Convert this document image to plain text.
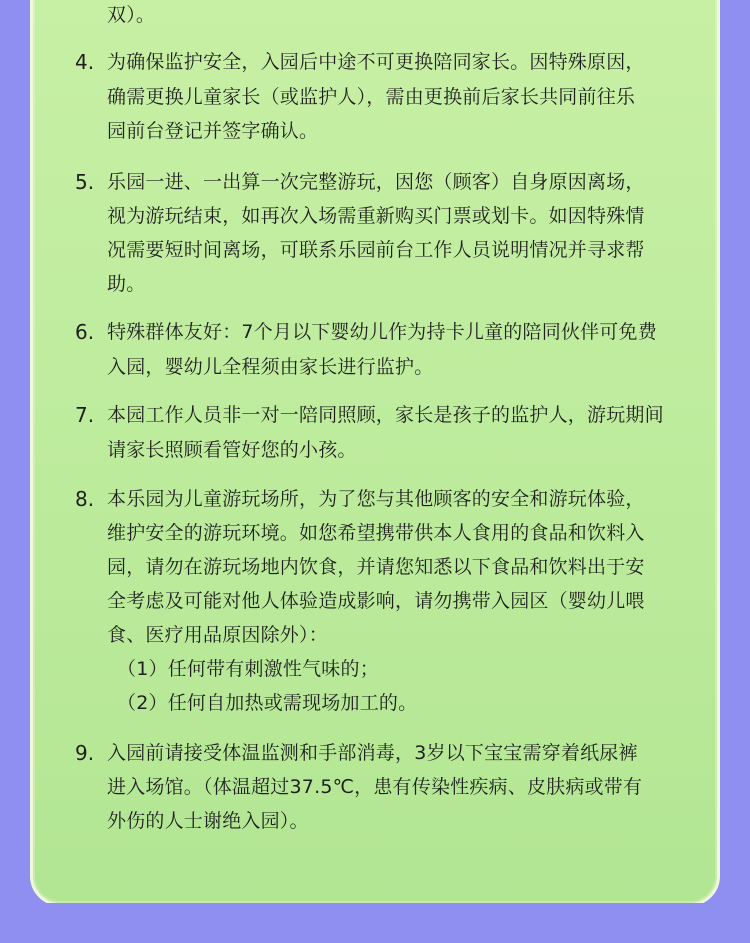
双）。
4. 为确保监护安全，入园后中途不可更换陪同家长。因特殊原因，
确需更换儿童家长（或监护人），需由更换前后家长共同前往乐
园前台登记并签字确认。
5. 乐园一进、一出算一次完整游玩，因您（顾客）自身原因离场，
视为游玩结束，如再次入场需重新购买门票或划卡。如因特殊情
况需要短时间离场，可联系乐园前台工作人员说明情况并寻求帮
助。
6. 特殊群体友好：7个月以下婴幼儿作为持卡儿童的陪同伙伴可免费
入园，婴幼儿全程须由家长进行监护。
7. 本园工作人员非一对一陪同照顾，家长是孩子的监护人，游玩期间
请家长照顾看管好您的小孩。
8. 本乐园为儿童游玩场所，为了您与其他顾客的安全和游玩体验，
维护安全的游玩环境。如您希望携带供本人食用的食品和饮料入
园，请勿在游玩场地内饮食，并请您知悉以下食品和饮料出于安
全考虑及可能对他人体验造成影响，请勿携带入园区（婴幼儿喂
食、医疗用品原因除外）：
（1）任何带有刺激性气味的；
（2）任何自加热或需现场加工的。
9. 入园前请接受体温监测和手部消毒，3岁以下宝宝需穿着纸尿裤
进入场馆。（体温超过37.5℃，患有传染性疾病、皮肤病或带有
外伤的人士谢绝入园）。
